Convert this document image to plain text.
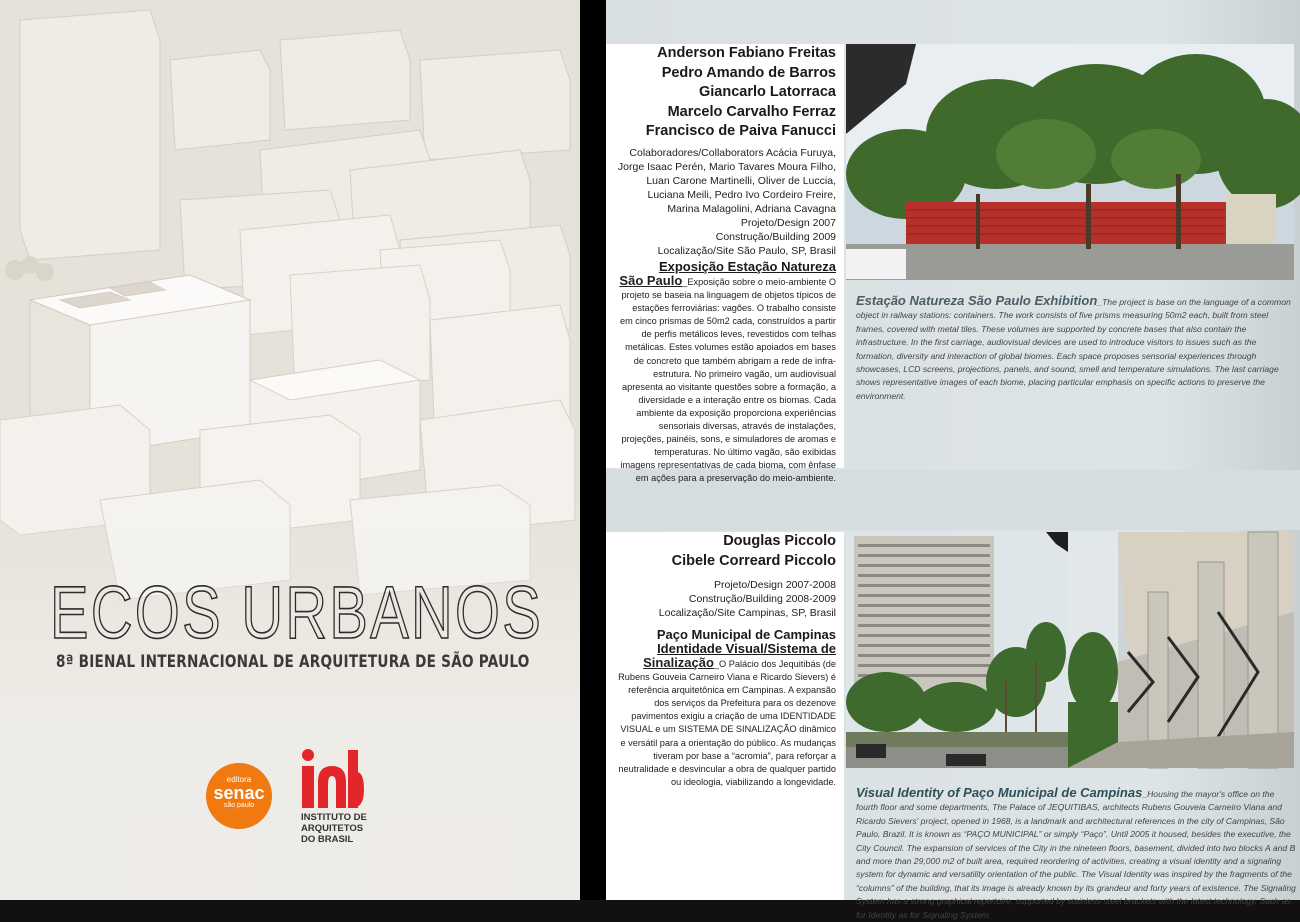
ECOS URBANOS
8ª BIENAL INTERNACIONAL DE ARQUITETURA DE SÃO PAULO
editora
senac
são paulo
INSTITUTO DE
ARQUITETOS
DO BRASIL
Anderson Fabiano Freitas
Pedro Amando de Barros
Giancarlo Latorraca
Marcelo Carvalho Ferraz
Francisco de Paiva Fanucci
Colaboradores/Collaborators Acácia Furuya,
Jorge Isaac Perén, Mario Tavares Moura Filho,
Luan Carone Martinelli, Oliver de Luccia,
Luciana Meili, Pedro Ivo Cordeiro Freire,
Marina Malagolini, Adriana Cavagna
Projeto/Design 2007
Construção/Building 2009
Localização/Site São Paulo, SP, Brasil
Exposição Estação Natureza
São Paulo_Exposição sobre o meio-ambiente O projeto se baseia na linguagem de objetos típicos de estações ferroviárias: vagões. O trabalho consiste em cinco prismas de 50m2 cada, construídos a partir de perfis metálicos leves, revestidos com telhas metálicas. Estes volumes estão apoiados em bases de concreto que também abrigam a rede de infra-estrutura. No primeiro vagão, um audiovisual apresenta ao visitante questões sobre a formação, a diversidade e a interação entre os biomas. Cada ambiente da exposição proporciona experiências sensoriais diversas, através de instalações, projeções, painéis, sons, e simuladores de aromas e temperaturas. No último vagão, são exibidas imagens representativas de cada bioma, com ênfase em ações para a preservação do meio-ambiente.
Estação Natureza São Paulo Exhibition_The project is base on the language of a common object in railway stations: containers. The work consists of five prisms measuring 50m2 each, built from steel frames, covered with metal tiles. These volumes are supported by concrete bases that also contain the infrastructure. In the first carriage, audiovisual devices are used to introduce visitors to issues such as the formation, diversity and interaction of global biomes. Each space proposes sensorial experiences through showcases, LCD screens, projections, panels, and sound, smell and temperature simulations. The last carriage shows representative images of each biome, placing particular emphasis on specific actions to preserve the environment.
Douglas Piccolo
Cibele Correard Piccolo
Projeto/Design 2007-2008
Construção/Building 2008-2009
Localização/Site Campinas, SP, Brasil
Paço Municipal de Campinas
Identidade Visual/Sistema de
Sinalização_O Palácio dos Jequitibás (de Rubens Gouveia Carneiro Viana e Ricardo Sievers) é referência arquitetônica em Campinas. A expansão dos serviços da Prefeitura para os dezenove pavimentos exigiu a criação de uma IDENTIDADE VISUAL e um SISTEMA DE SINALIZAÇÃO dinâmico e versátil para a orientação do público. As mudanças tiveram por base a “acromia”, para reforçar a neutralidade e desvincular a obra de qualquer partido ou ideologia, viabilizando a longevidade.
Visual Identity of Paço Municipal de Campinas_Housing the mayor's office on the fourth floor and some departments, The Palace of JEQUITIBAS, architects Rubens Gouveia Carneiro Viana and Ricardo Sievers' project, opened in 1968, is a landmark and architectural references in the city of Campinas, São Paulo, Brazil. It is known as “PAÇO MUNICIPAL” or simply “Paço”. Until 2005 it housed, besides the executive, the City Council. The expansion of services of the City in the nineteen floors, basement, divided into two blocks A and B and more than 29,000 m2 of built area, required reordering of activities, creating a visual identity and a signaling system for dynamic and versatility orientation of the public. The Visual Identity was inspired by the fragments of the “columns” of the building, that its image is already known by its grandeur and forty years of existence. The Signaling System has a strong graphical repertoire, supported by stainless steel brackets with the latest technology. Such as for Identity as for Signaling System
